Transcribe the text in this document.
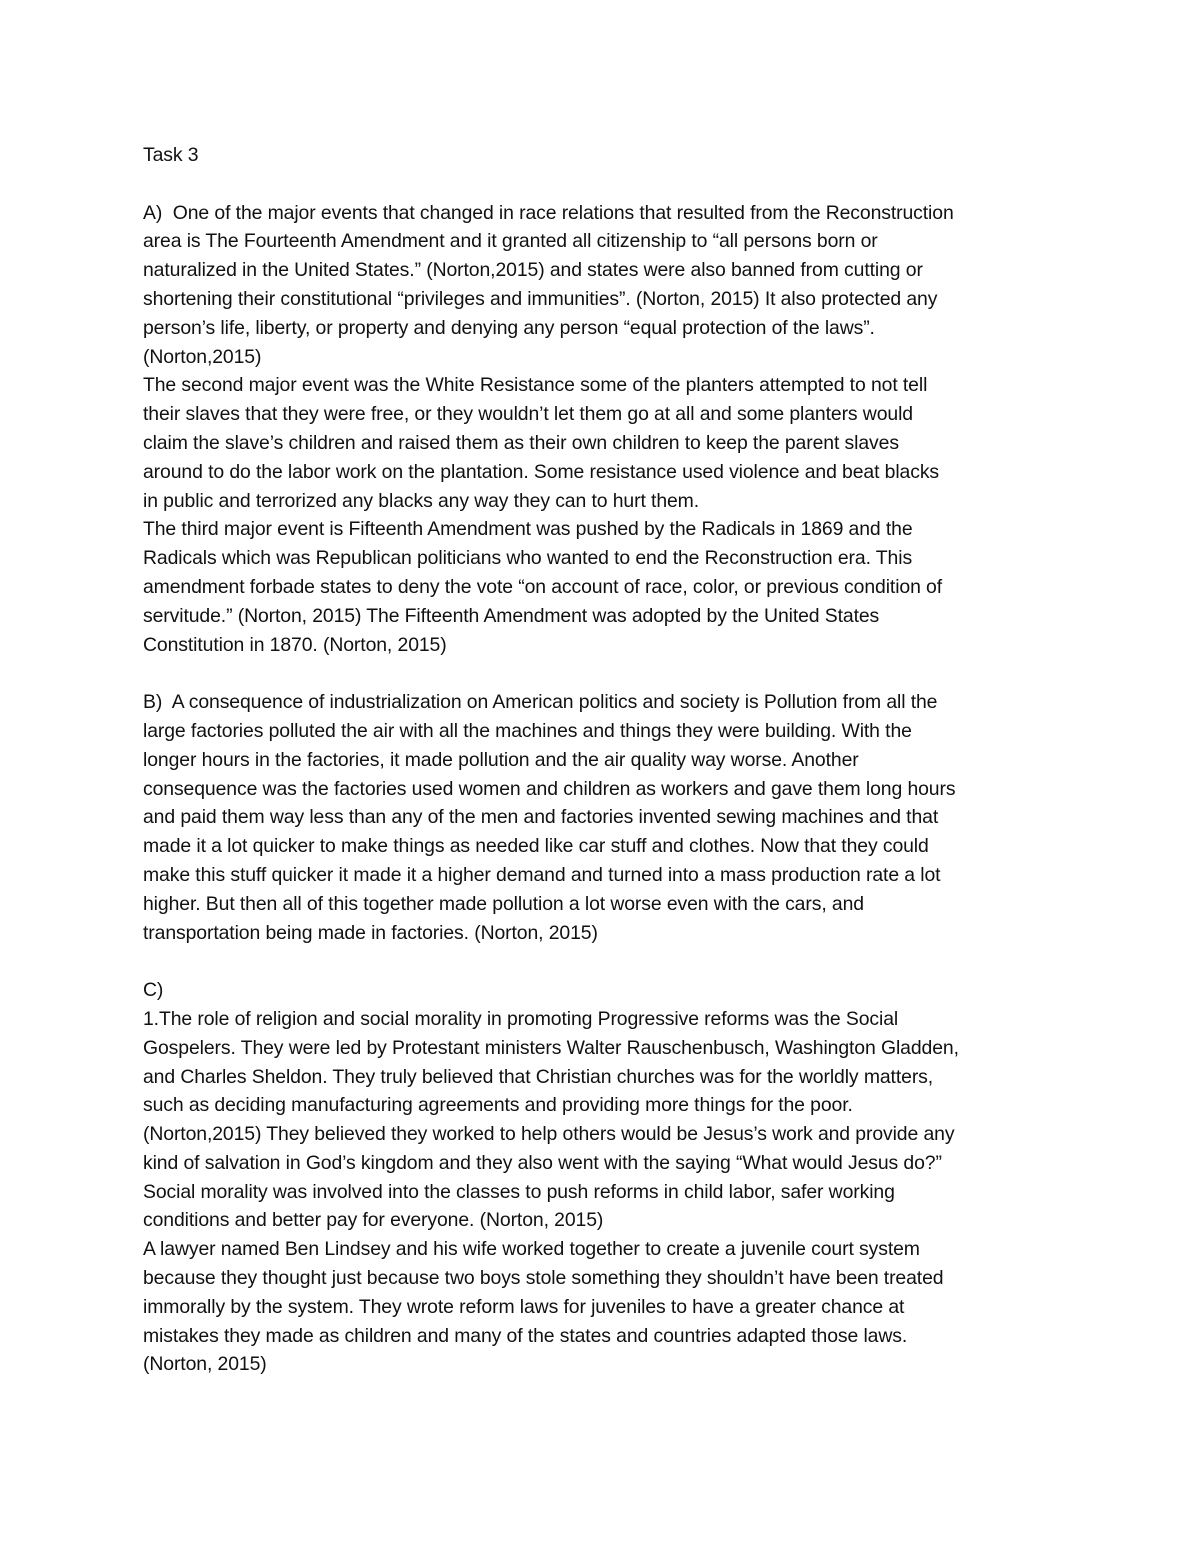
Task 3
A)  One of the major events that changed in race relations that resulted from the Reconstruction
area is The Fourteenth Amendment and it granted all citizenship to “all persons born or
naturalized in the United States.” (Norton,2015) and states were also banned from cutting or
shortening their constitutional “privileges and immunities”. (Norton, 2015) It also protected any
person’s life, liberty, or property and denying any person “equal protection of the laws”.
(Norton,2015)
The second major event was the White Resistance some of the planters attempted to not tell
their slaves that they were free, or they wouldn’t let them go at all and some planters would
claim the slave’s children and raised them as their own children to keep the parent slaves
around to do the labor work on the plantation. Some resistance used violence and beat blacks
in public and terrorized any blacks any way they can to hurt them.
The third major event is Fifteenth Amendment was pushed by the Radicals in 1869 and the
Radicals which was Republican politicians who wanted to end the Reconstruction era. This
amendment forbade states to deny the vote “on account of race, color, or previous condition of
servitude.” (Norton, 2015) The Fifteenth Amendment was adopted by the United States
Constitution in 1870. (Norton, 2015)
B)  A consequence of industrialization on American politics and society is Pollution from all the
large factories polluted the air with all the machines and things they were building. With the
longer hours in the factories, it made pollution and the air quality way worse. Another
consequence was the factories used women and children as workers and gave them long hours
and paid them way less than any of the men and factories invented sewing machines and that
made it a lot quicker to make things as needed like car stuff and clothes. Now that they could
make this stuff quicker it made it a higher demand and turned into a mass production rate a lot
higher. But then all of this together made pollution a lot worse even with the cars, and
transportation being made in factories. (Norton, 2015)
C)
1.The role of religion and social morality in promoting Progressive reforms was the Social
Gospelers. They were led by Protestant ministers Walter Rauschenbusch, Washington Gladden,
and Charles Sheldon. They truly believed that Christian churches was for the worldly matters,
such as deciding manufacturing agreements and providing more things for the poor.
(Norton,2015) They believed they worked to help others would be Jesus’s work and provide any
kind of salvation in God’s kingdom and they also went with the saying “What would Jesus do?”
Social morality was involved into the classes to push reforms in child labor, safer working
conditions and better pay for everyone. (Norton, 2015)
A lawyer named Ben Lindsey and his wife worked together to create a juvenile court system
because they thought just because two boys stole something they shouldn’t have been treated
immorally by the system. They wrote reform laws for juveniles to have a greater chance at
mistakes they made as children and many of the states and countries adapted those laws.
(Norton, 2015)
